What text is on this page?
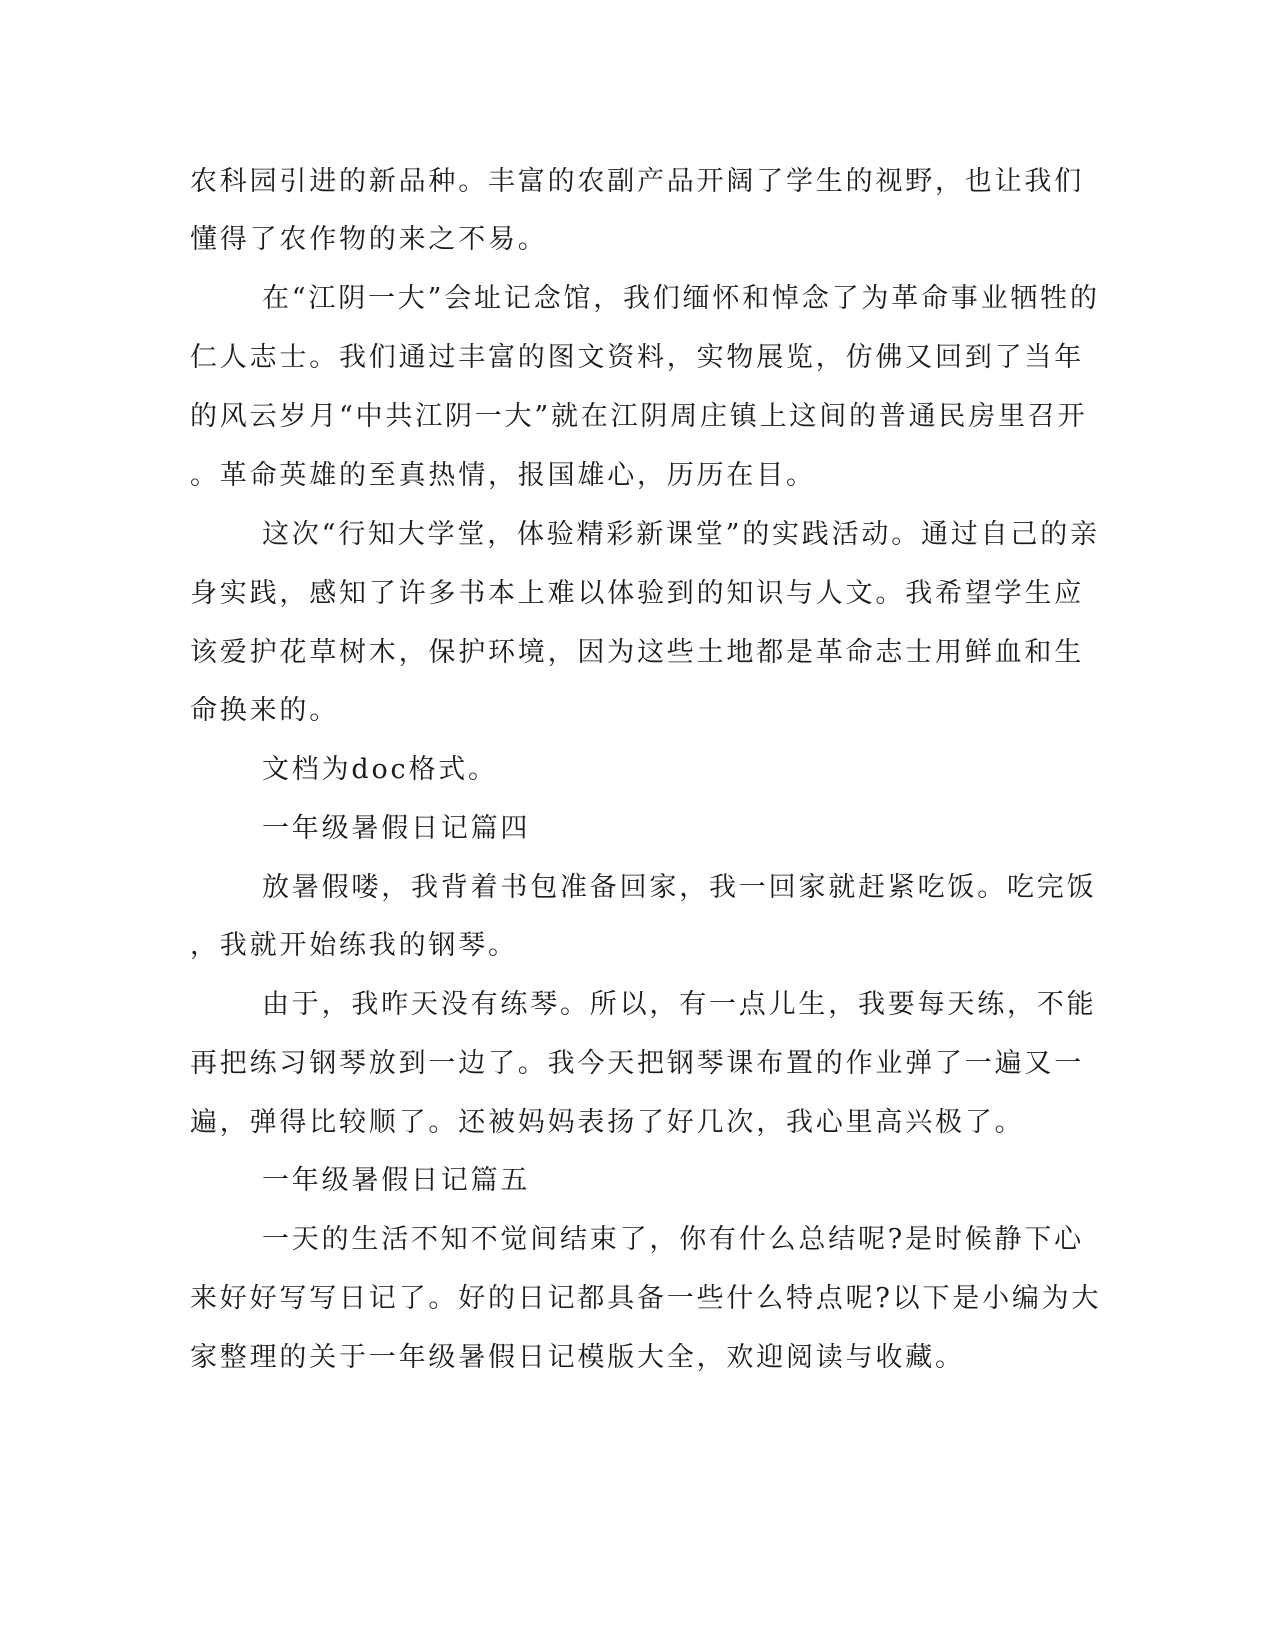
农科园引进的新品种。丰富的农副产品开阔了学生的视野，也让我们
懂得了农作物的来之不易。
在“江阴一大”会址记念馆，我们缅怀和悼念了为革命事业牺牲的
仁人志士。我们通过丰富的图文资料，实物展览，仿佛又回到了当年
的风云岁月“中共江阴一大”就在江阴周庄镇上这间的普通民房里召开
。革命英雄的至真热情，报国雄心，历历在目。
这次“行知大学堂，体验精彩新课堂”的实践活动。通过自己的亲
身实践，感知了许多书本上难以体验到的知识与人文。我希望学生应
该爱护花草树木，保护环境，因为这些土地都是革命志士用鲜血和生
命换来的。
文档为doc格式。
一年级暑假日记篇四
放暑假喽，我背着书包准备回家，我一回家就赶紧吃饭。吃完饭
，我就开始练我的钢琴。
由于，我昨天没有练琴。所以，有一点儿生，我要每天练，不能
再把练习钢琴放到一边了。我今天把钢琴课布置的作业弹了一遍又一
遍，弹得比较顺了。还被妈妈表扬了好几次，我心里高兴极了。
一年级暑假日记篇五
一天的生活不知不觉间结束了，你有什么总结呢?是时候静下心
来好好写写日记了。好的日记都具备一些什么特点呢?以下是小编为大
家整理的关于一年级暑假日记模版大全，欢迎阅读与收藏。
